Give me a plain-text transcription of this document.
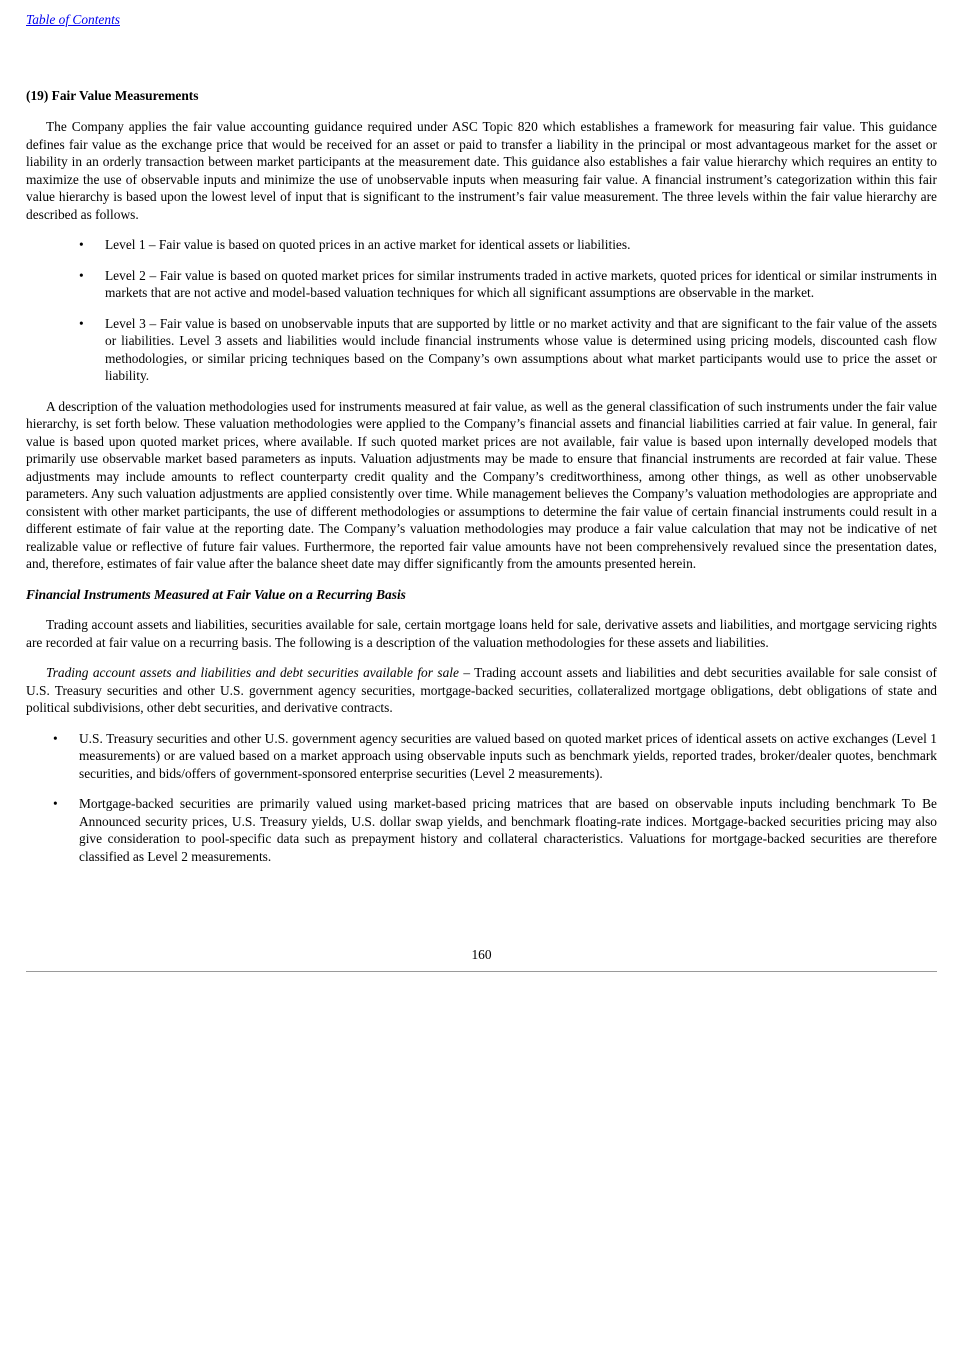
Table of Contents
(19) Fair Value Measurements

The Company applies the fair value accounting guidance required under ASC Topic 820 which establishes a framework for measuring fair value. This guidance defines fair value as the exchange price that would be received for an asset or paid to transfer a liability in the principal or most advantageous market for the asset or liability in an orderly transaction between market participants at the measurement date. This guidance also establishes a fair value hierarchy which requires an entity to maximize the use of observable inputs and minimize the use of unobservable inputs when measuring fair value. A financial instrument’s categorization within this fair value hierarchy is based upon the lowest level of input that is significant to the instrument’s fair value measurement. The three levels within the fair value hierarchy are described as follows.

•	Level 1 – Fair value is based on quoted prices in an active market for identical assets or liabilities.
•	Level 2 – Fair value is based on quoted market prices for similar instruments traded in active markets, quoted prices for identical or similar instruments in markets that are not active and model-based valuation techniques for which all significant assumptions are observable in the market.
•	Level 3 – Fair value is based on unobservable inputs that are supported by little or no market activity and that are significant to the fair value of the assets or liabilities. Level 3 assets and liabilities would include financial instruments whose value is determined using pricing models, discounted cash flow methodologies, or similar pricing techniques based on the Company’s own assumptions about what market participants would use to price the asset or liability.

A description of the valuation methodologies used for instruments measured at fair value, as well as the general classification of such instruments under the fair value hierarchy, is set forth below. These valuation methodologies were applied to the Company’s financial assets and financial liabilities carried at fair value. In general, fair value is based upon quoted market prices, where available. If such quoted market prices are not available, fair value is based upon internally developed models that primarily use observable market based parameters as inputs. Valuation adjustments may be made to ensure that financial instruments are recorded at fair value. These adjustments may include amounts to reflect counterparty credit quality and the Company’s creditworthiness, among other things, as well as other unobservable parameters. Any such valuation adjustments are applied consistently over time. While management believes the Company’s valuation methodologies are appropriate and consistent with other market participants, the use of different methodologies or assumptions to determine the fair value of certain financial instruments could result in a different estimate of fair value at the reporting date. The Company’s valuation methodologies may produce a fair value calculation that may not be indicative of net realizable value or reflective of future fair values. Furthermore, the reported fair value amounts have not been comprehensively revalued since the presentation dates, and, therefore, estimates of fair value after the balance sheet date may differ significantly from the amounts presented herein.

Financial Instruments Measured at Fair Value on a Recurring Basis

Trading account assets and liabilities, securities available for sale, certain mortgage loans held for sale, derivative assets and liabilities, and mortgage servicing rights are recorded at fair value on a recurring basis. The following is a description of the valuation methodologies for these assets and liabilities.

Trading account assets and liabilities and debt securities available for sale – Trading account assets and liabilities and debt securities available for sale consist of U.S. Treasury securities and other U.S. government agency securities, mortgage-backed securities, collateralized mortgage obligations, debt obligations of state and political subdivisions, other debt securities, and derivative contracts.

•	U.S. Treasury securities and other U.S. government agency securities are valued based on quoted market prices of identical assets on active exchanges (Level 1 measurements) or are valued based on a market approach using observable inputs such as benchmark yields, reported trades, broker/dealer quotes, benchmark securities, and bids/offers of government-sponsored enterprise securities (Level 2 measurements).
•	Mortgage-backed securities are primarily valued using market-based pricing matrices that are based on observable inputs including benchmark To Be Announced security prices, U.S. Treasury yields, U.S. dollar swap yields, and benchmark floating-rate indices. Mortgage-backed securities pricing may also give consideration to pool-specific data such as prepayment history and collateral characteristics. Valuations for mortgage-backed securities are therefore classified as Level 2 measurements.
160
